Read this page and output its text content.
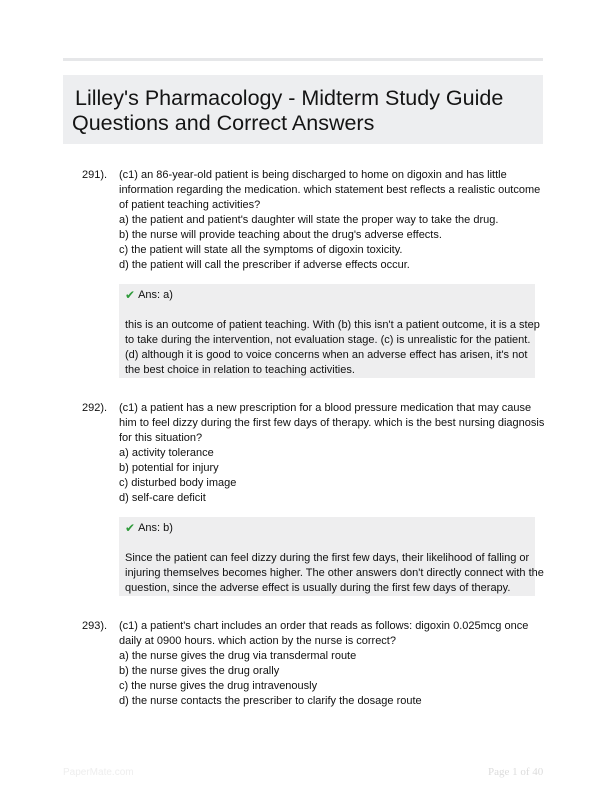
Lilley's Pharmacology - Midterm Study Guide
Questions and Correct Answers
291). (c1) an 86-year-old patient is being discharged to home on digoxin and has little
information regarding the medication. which statement best reflects a realistic outcome
of patient teaching activities?
a) the patient and patient's daughter will state the proper way to take the drug.
b) the nurse will provide teaching about the drug's adverse effects.
c) the patient will state all the symptoms of digoxin toxicity.
d) the patient will call the prescriber if adverse effects occur.
✔ Ans: a)
this is an outcome of patient teaching. With (b) this isn't a patient outcome, it is a step
to take during the intervention, not evaluation stage. (c) is unrealistic for the patient.
(d) although it is good to voice concerns when an adverse effect has arisen, it's not
the best choice in relation to teaching activities.
292). (c1) a patient has a new prescription for a blood pressure medication that may cause
him to feel dizzy during the first few days of therapy. which is the best nursing diagnosis
for this situation?
a) activity tolerance
b) potential for injury
c) disturbed body image
d) self-care deficit
✔ Ans: b)
Since the patient can feel dizzy during the first few days, their likelihood of falling or
injuring themselves becomes higher. The other answers don't directly connect with the
question, since the adverse effect is usually during the first few days of therapy.
293). (c1) a patient's chart includes an order that reads as follows: digoxin 0.025mcg once
daily at 0900 hours. which action by the nurse is correct?
a) the nurse gives the drug via transdermal route
b) the nurse gives the drug orally
c) the nurse gives the drug intravenously
d) the nurse contacts the prescriber to clarify the dosage route
PaperMate.com	Page 1 of 40
